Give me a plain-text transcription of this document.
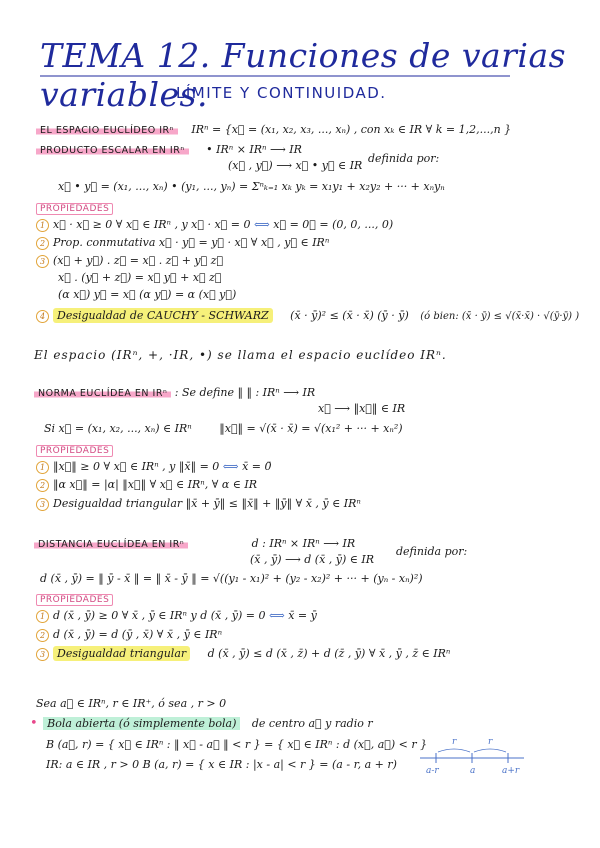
TEMA 12. Funciones de varias variables.
LÍMITE Y CONTINUIDAD.
EL ESPACIO EUCLÍDEO IRⁿ IRⁿ = {x⃗ = (x₁, x₂, x₃, ..., xₙ) , con xₖ ∈ IR ∀ k = 1,2,...,n }
PRODUCTO ESCALAR EN IRⁿ • IRⁿ × IRⁿ ⟶ IR
(x⃗ , y⃗) ⟶ x⃗ • y⃗ ∈ IR
definida por:
x⃗ • y⃗ = (x₁, ..., xₙ) • (y₁, ..., yₙ) = Σⁿₖ₌₁ xₖ yₖ = x₁y₁ + x₂y₂ + ··· + xₙyₙ
PROPIEDADES
1 x⃗ · x⃗ ≥ 0 ∀ x⃗ ∈ IRⁿ , y x⃗ · x⃗ = 0 ⟺ x⃗ = 0⃗ = (0, 0, ..., 0)
2 Prop. conmutativa x⃗ · y⃗ = y⃗ · x⃗ ∀ x⃗ , y⃗ ∈ IRⁿ
3 (x⃗ + y⃗) . z⃗ = x⃗ . z⃗ + y⃗ z⃗
x⃗ . (y⃗ + z⃗) = x⃗ y⃗ + x⃗ z⃗
(α x⃗) y⃗ = x⃗ (α y⃗) = α (x⃗ y⃗)
4 Desigualdad de CAUCHY - SCHWARZ (x̄ · ȳ)² ≤ (x̄ · x̄) (ȳ · ȳ) (ó bien: (x̄ · ȳ) ≤ √(x̄·x̄) · √(ȳ·ȳ) )
El espacio (IRⁿ, +, ·IR, •) se llama el espacio euclídeo IRⁿ.
NORMA EUCLÍDEA EN IRⁿ : Se define ‖ ‖ : IRⁿ ⟶ IR
x⃗ ⟶ ‖x⃗‖ ∈ IR
Si x⃗ = (x₁, x₂, ..., xₙ) ∈ IRⁿ	‖x⃗‖ = √(x̄ · x̄) = √(x₁² + ··· + xₙ²)
PROPIEDADES
1 ‖x⃗‖ ≥ 0 ∀ x⃗ ∈ IRⁿ , y ‖x̄‖ = 0 ⟺ x̄ = 0̄
2 ‖α x⃗‖ = |α| ‖x⃗‖ ∀ x⃗ ∈ IRⁿ, ∀ α ∈ IR
3 Desigualdad triangular ‖x̄ + ȳ‖ ≤ ‖x̄‖ + ‖ȳ‖ ∀ x̄ , ȳ ∈ IRⁿ
DISTANCIA EUCLÍDEA EN IRⁿ	d : IRⁿ × IRⁿ ⟶ IR
(x̄ , ȳ) ⟶ d (x̄ , ȳ) ∈ IR
definida por:
d (x̄ , ȳ) = ‖ ȳ - x̄ ‖ = ‖ x̄ - ȳ ‖ = √((y₁ - x₁)² + (y₂ - x₂)² + ··· + (yₙ - xₙ)²)
PROPIEDADES
1 d (x̄ , ȳ) ≥ 0 ∀ x̄ , ȳ ∈ IRⁿ y d (x̄ , ȳ) = 0 ⟺ x̄ = ȳ
2 d (x̄ , ȳ) = d (ȳ , x̄) ∀ x̄ , ȳ ∈ IRⁿ
3 Desigualdad triangular d (x̄ , ȳ) ≤ d (x̄ , z̄) + d (z̄ , ȳ) ∀ x̄ , ȳ , z̄ ∈ IRⁿ
Sea a⃗ ∈ IRⁿ, r ∈ IR⁺, ó sea , r > 0
• Bola abierta (ó simplemente bola) de centro a⃗ y radio r
B (a⃗, r) = { x⃗ ∈ IRⁿ : ‖ x⃗ - a⃗ ‖ < r } = { x⃗ ∈ IRⁿ : d (x⃗, a⃗) < r }
IR: a ∈ IR , r > 0 B (a, r) = { x ∈ IR : |x - a| < r } = (a - r, a + r)
r	r
a-r	a	a+r
